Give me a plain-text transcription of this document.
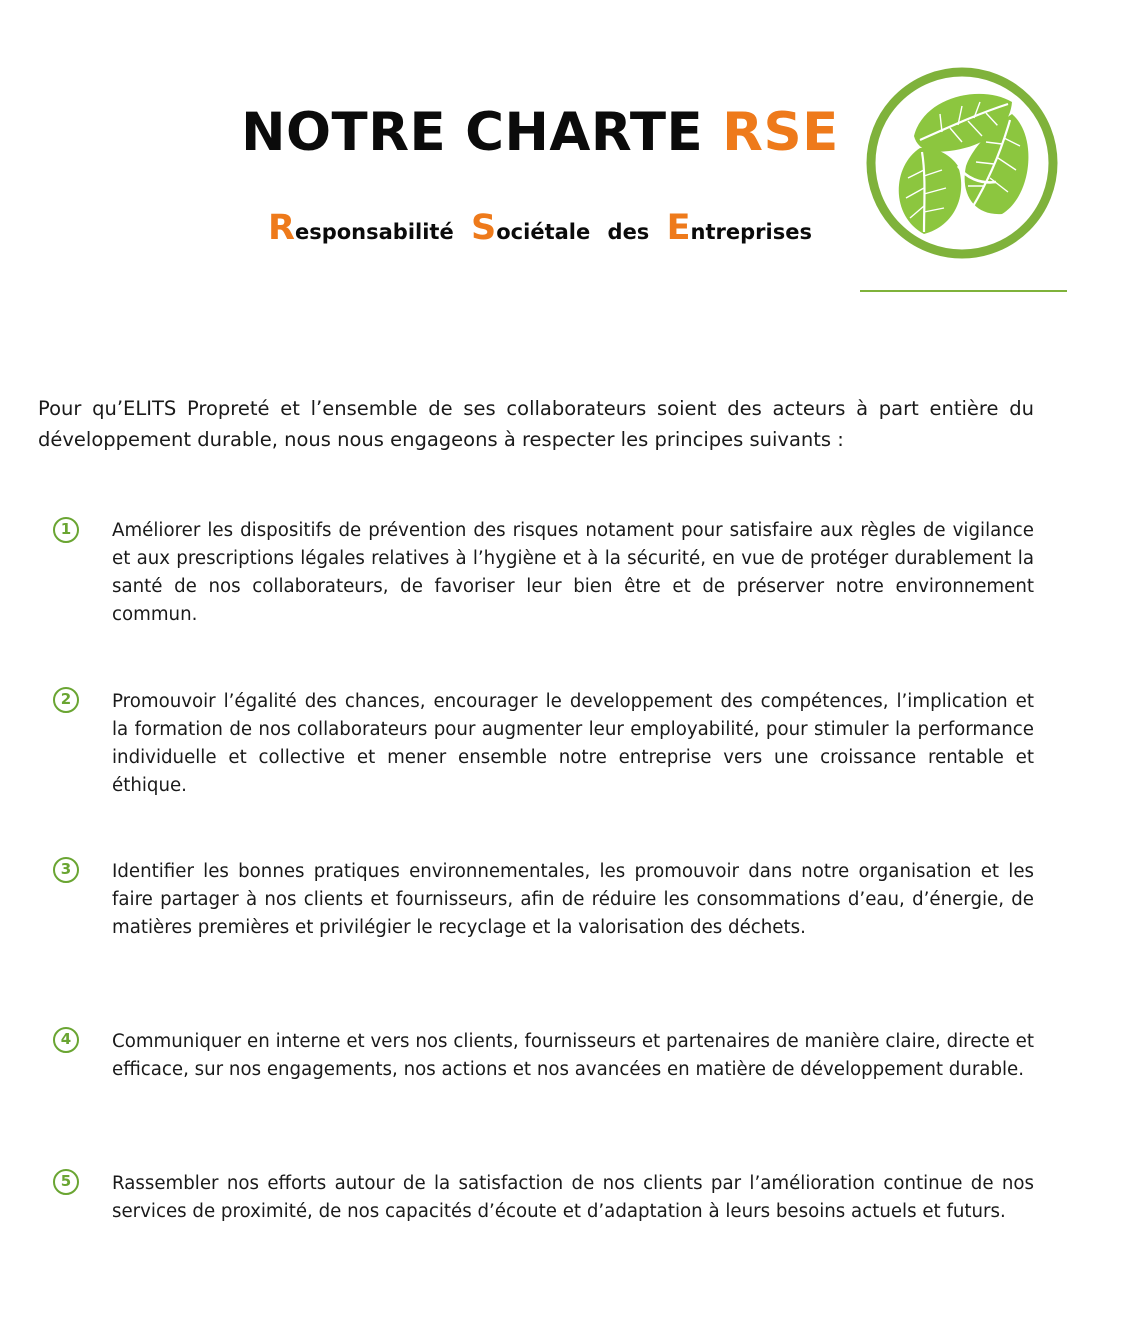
NOTRE CHARTE RSE
Responsabilité Sociétale des Entreprises
Pour qu’ELITS Propreté et l’ensemble de ses collaborateurs soient des acteurs à part entière du développement durable, nous nous engageons à respecter les principes suivants :
1	Améliorer les dispositifs de prévention des risques notament pour satisfaire aux règles de vigilance et aux prescriptions légales relatives à l’hygiène et à la sécurité, en vue de protéger durablement la santé de nos collaborateurs, de favoriser leur bien être et de préserver notre environnement commun.
2	Promouvoir l’égalité des chances, encourager le developpement des compétences, l’implication et la formation de nos collaborateurs pour augmenter leur employabilité, pour stimuler la performance individuelle et collective et mener ensemble notre entreprise vers une croissance rentable et éthique.
3	Identifier les bonnes pratiques environnementales, les promouvoir dans notre organisation et les faire partager à nos clients et fournisseurs, afin de réduire les consommations d’eau, d’énergie, de matières premières et privilégier le recyclage et la valorisation des déchets.
4	Communiquer en interne et vers nos clients, fournisseurs et partenaires de manière claire, directe et efficace, sur nos engagements, nos actions et nos avancées en matière de développement durable.
5	Rassembler nos efforts autour de la satisfaction de nos clients par l’amélioration continue de nos services de proximité, de nos capacités d’écoute et d’adaptation à leurs besoins actuels et futurs.
